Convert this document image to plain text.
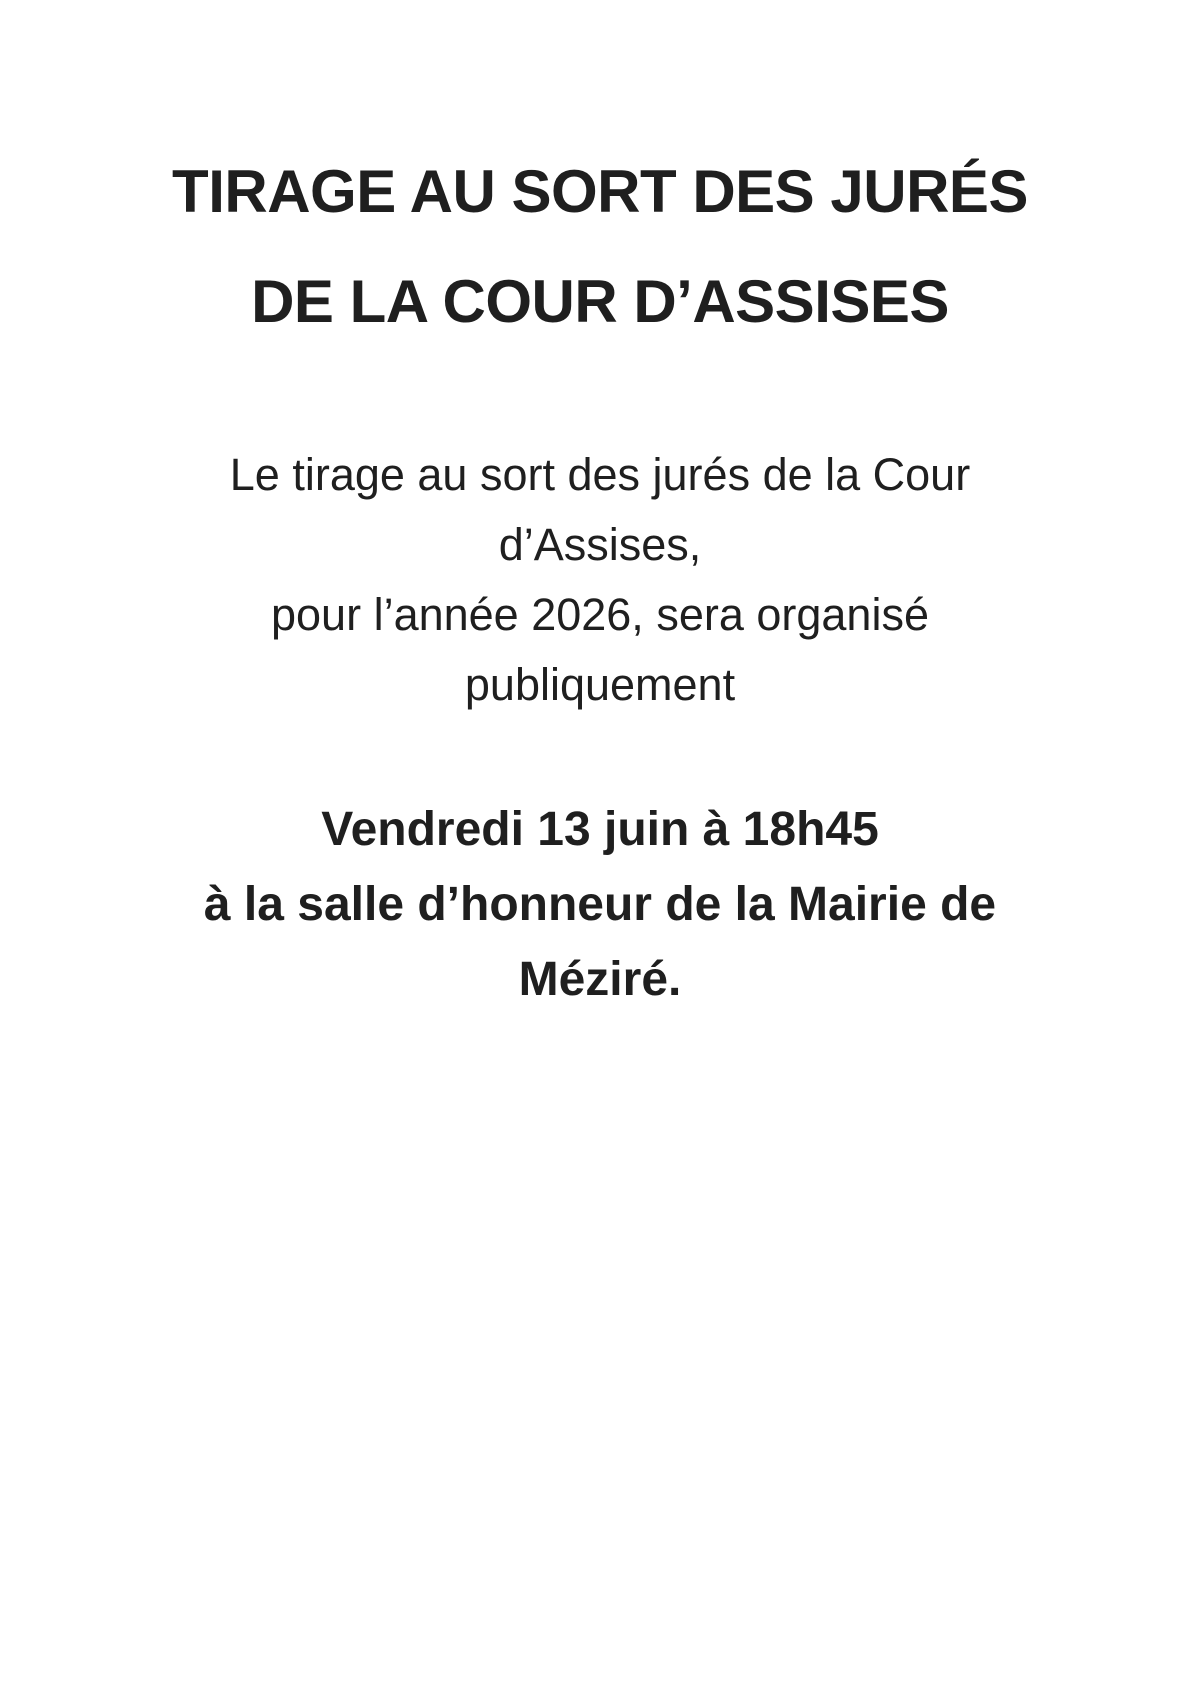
TIRAGE AU SORT DES JURÉS
DE LA COUR D’ASSISES

Le tirage au sort des jurés de la Cour
d’Assises,
pour l’année 2026, sera organisé
publiquement

Vendredi 13 juin à 18h45
à la salle d’honneur de la Mairie de
Méziré.
